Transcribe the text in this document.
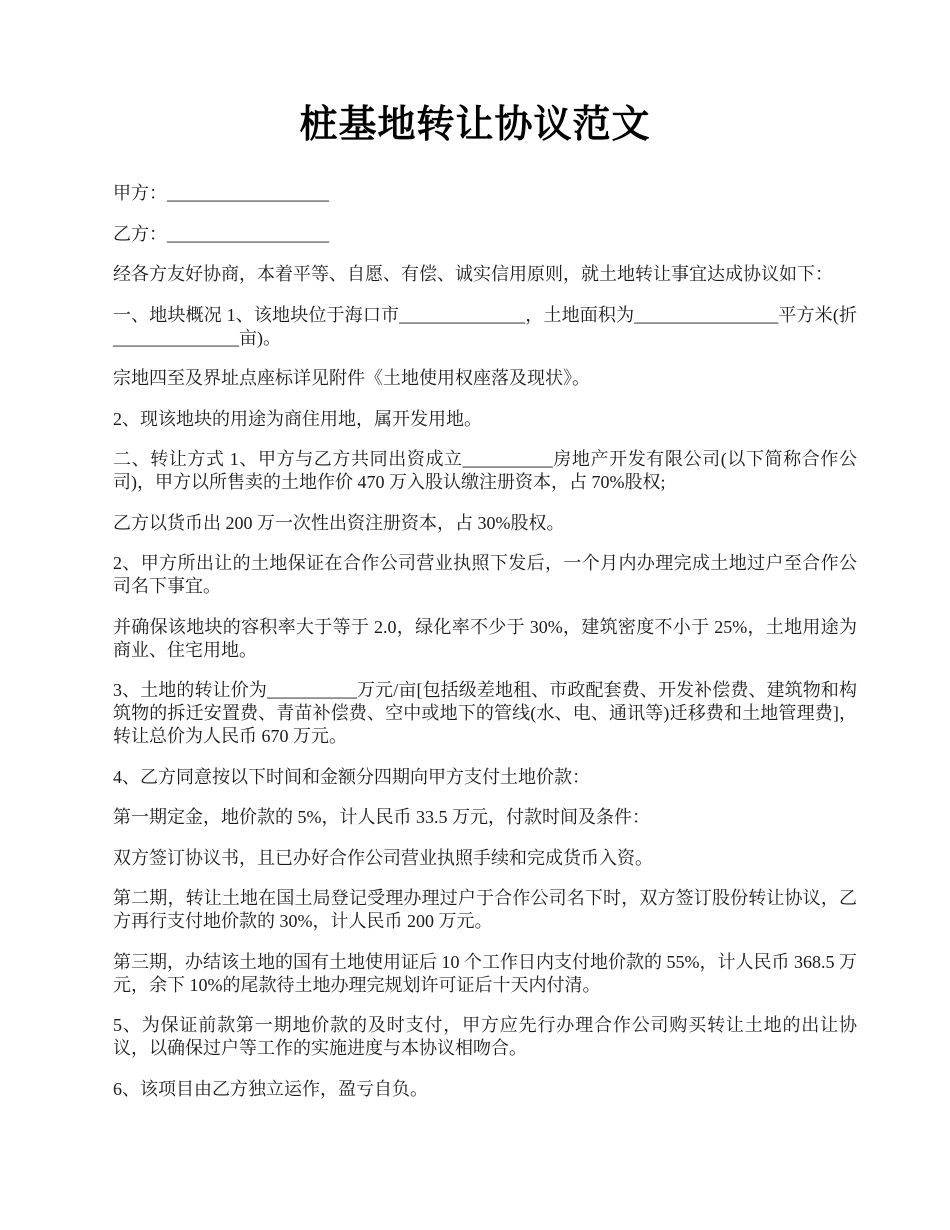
桩基地转让协议范文

甲方：__________________

乙方：__________________

经各方友好协商，本着平等、自愿、有偿、诚实信用原则，就土地转让事宜达成协议如下：

一、地块概况 1、该地块位于海口市______________，土地面积为________________平方米(折______________亩)。

宗地四至及界址点座标详见附件《土地使用权座落及现状》。

2、现该地块的用途为商住用地，属开发用地。

二、转让方式 1、甲方与乙方共同出资成立__________房地产开发有限公司(以下简称合作公司)，甲方以所售卖的土地作价 470 万入股认缴注册资本，占 70%股权;

乙方以货币出 200 万一次性出资注册资本，占 30%股权。

2、甲方所出让的土地保证在合作公司营业执照下发后，一个月内办理完成土地过户至合作公司名下事宜。

并确保该地块的容积率大于等于 2.0，绿化率不少于 30%，建筑密度不小于 25%，土地用途为商业、住宅用地。

3、土地的转让价为__________万元/亩[包括级差地租、市政配套费、开发补偿费、建筑物和构筑物的拆迁安置费、青苗补偿费、空中或地下的管线(水、电、通讯等)迁移费和土地管理费]，转让总价为人民币 670 万元。

4、乙方同意按以下时间和金额分四期向甲方支付土地价款：

第一期定金，地价款的 5%，计人民币 33.5 万元，付款时间及条件：

双方签订协议书，且已办好合作公司营业执照手续和完成货币入资。

第二期，转让土地在国土局登记受理办理过户于合作公司名下时，双方签订股份转让协议，乙方再行支付地价款的 30%，计人民币 200 万元。

第三期，办结该土地的国有土地使用证后 10 个工作日内支付地价款的 55%，计人民币 368.5 万元，余下 10%的尾款待土地办理完规划许可证后十天内付清。

5、为保证前款第一期地价款的及时支付，甲方应先行办理合作公司购买转让土地的出让协议，以确保过户等工作的实施进度与本协议相吻合。

6、该项目由乙方独立运作，盈亏自负。
